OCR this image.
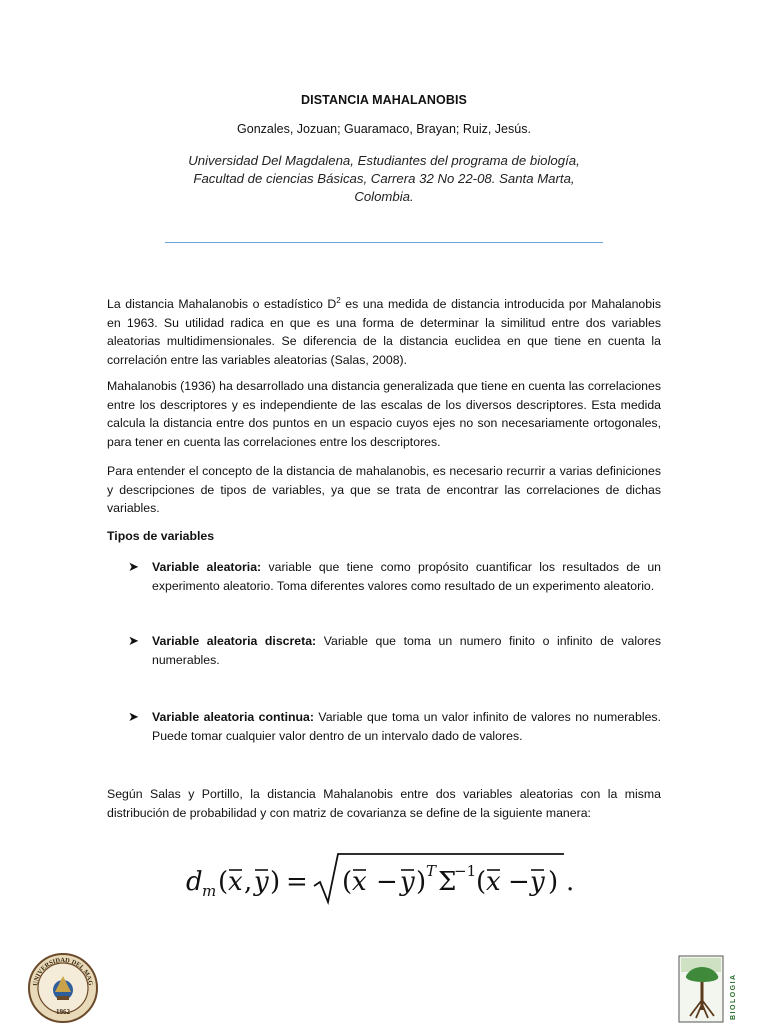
DISTANCIA MAHALANOBIS
Gonzales, Jozuan; Guaramaco, Brayan; Ruiz, Jesús.
Universidad Del Magdalena, Estudiantes del programa de biología, Facultad de ciencias Básicas, Carrera 32 No 22-08. Santa Marta, Colombia.
La distancia Mahalanobis o estadístico $D^2$ es una medida de distancia introducida por Mahalanobis en 1963. Su utilidad radica en que es una forma de determinar la similitud entre dos variables aleatorias multidimensionales. Se diferencia de la distancia euclidea en que tiene en cuenta la correlación entre las variables aleatorias (Salas, 2008).
Mahalanobis (1936) ha desarrollado una distancia generalizada que tiene en cuenta las correlaciones entre los descriptores y es independiente de las escalas de los diversos descriptores. Esta medida calcula la distancia entre dos puntos en un espacio cuyos ejes no son necesariamente ortogonales, para tener en cuenta las correlaciones entre los descriptores.
Para entender el concepto de la distancia de mahalanobis, es necesario recurrir a varias definiciones y descripciones de tipos de variables, ya que se trata de encontrar las correlaciones de dichas variables.
Tipos de variables
➤ Variable aleatoria: variable que tiene como propósito cuantificar los resultados de un experimento aleatorio. Toma diferentes valores como resultado de un experimento aleatorio.
➤ Variable aleatoria discreta: Variable que toma un numero finito o infinito de valores numerables.
➤ Variable aleatoria continua: Variable que toma un valor infinito de valores no numerables. Puede tomar cualquier valor dentro de un intervalo dado de valores.
Según Salas y Portillo, la distancia Mahalanobis entre dos variables aleatorias con la misma distribución de probabilidad y con matriz de covarianza se define de la siguiente manera:
d m ( x , y ) = ( x − y ) T Σ
−1 ( x − y ) .
UNIVERSIDAD DEL MAG
1962	BIOLOGIA
